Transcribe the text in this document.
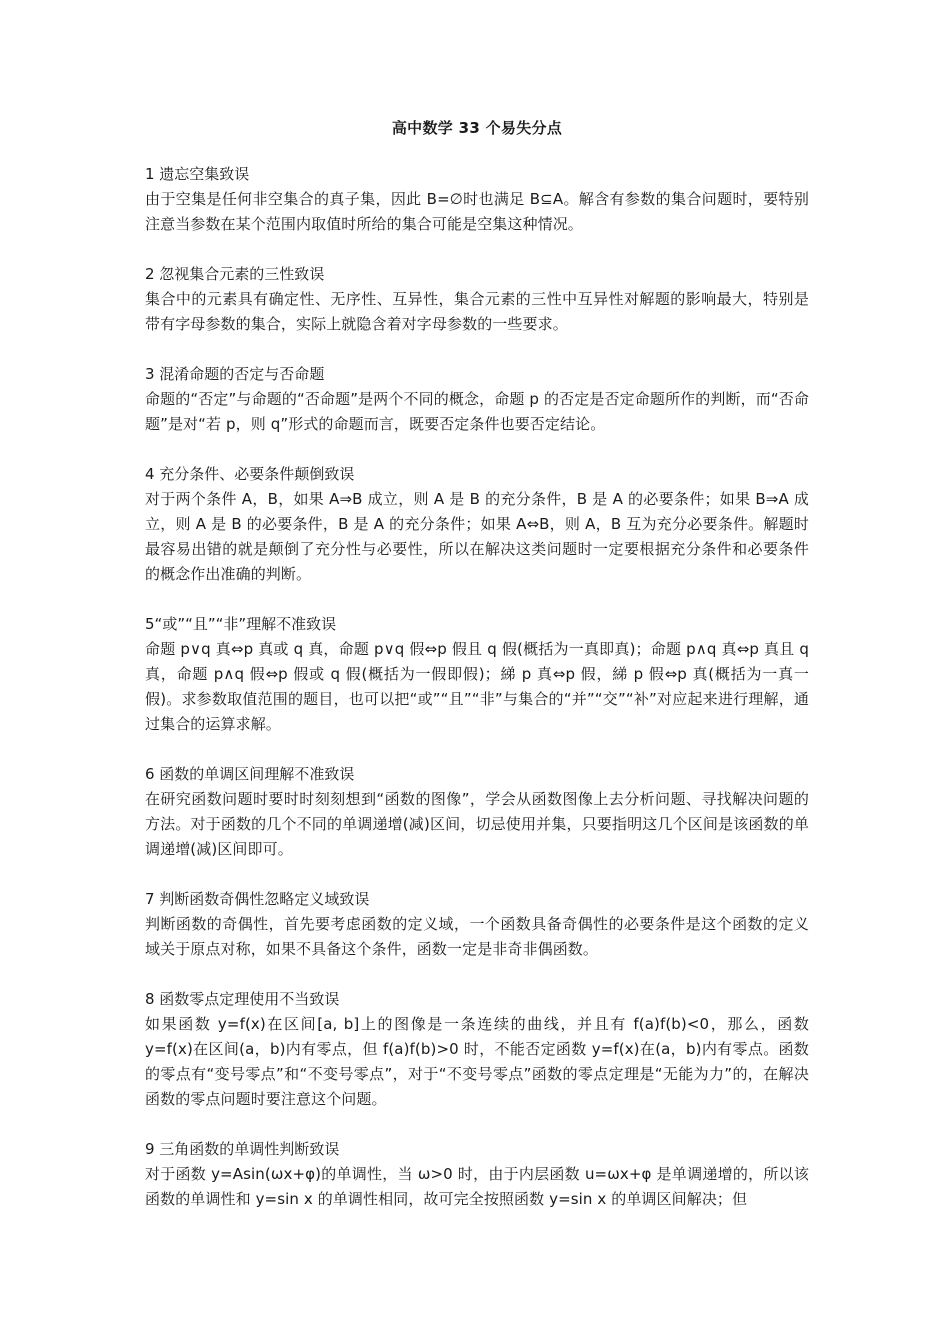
高中数学 33 个易失分点

1 遗忘空集致误

由于空集是任何非空集合的真子集，因此 B=∅时也满足 B⊆A。解含有参数的集合问题时，要特别注意当参数在某个范围内取值时所给的集合可能是空集这种情况。

2 忽视集合元素的三性致误

集合中的元素具有确定性、无序性、互异性，集合元素的三性中互异性对解题的影响最大，特别是带有字母参数的集合，实际上就隐含着对字母参数的一些要求。

3 混淆命题的否定与否命题

命题的“否定”与命题的“否命题”是两个不同的概念，命题 p 的否定是否定命题所作的判断，而“否命题”是对“若 p，则 q”形式的命题而言，既要否定条件也要否定结论。

4 充分条件、必要条件颠倒致误

对于两个条件 A，B，如果 A⇒B 成立，则 A 是 B 的充分条件，B 是 A 的必要条件；如果 B⇒A 成立，则 A 是 B 的必要条件，B 是 A 的充分条件；如果 A⇔B，则 A，B 互为充分必要条件。解题时最容易出错的就是颠倒了充分性与必要性，所以在解决这类问题时一定要根据充分条件和必要条件的概念作出准确的判断。

5“或”“且”“非”理解不准致误

命题 p∨q 真⇔p 真或 q 真，命题 p∨q 假⇔p 假且 q 假(概括为一真即真)；命题 p∧q 真⇔p 真且 q 真，命题 p∧q 假⇔p 假或 q 假(概括为一假即假)；綈 p 真⇔p 假，綈 p 假⇔p 真(概括为一真一假)。求参数取值范围的题目，也可以把“或”“且”“非”与集合的“并”“交”“补”对应起来进行理解，通过集合的运算求解。

6 函数的单调区间理解不准致误

在研究函数问题时要时时刻刻想到“函数的图像”，学会从函数图像上去分析问题、寻找解决问题的方法。对于函数的几个不同的单调递增(减)区间，切忌使用并集，只要指明这几个区间是该函数的单调递增(减)区间即可。

7 判断函数奇偶性忽略定义域致误

判断函数的奇偶性，首先要考虑函数的定义域，一个函数具备奇偶性的必要条件是这个函数的定义域关于原点对称，如果不具备这个条件，函数一定是非奇非偶函数。

8 函数零点定理使用不当致误

如果函数 y=f(x)在区间[a, b]上的图像是一条连续的曲线，并且有 f(a)f(b)<0，那么，函数 y=f(x)在区间(a，b)内有零点，但 f(a)f(b)>0 时，不能否定函数 y=f(x)在(a，b)内有零点。函数的零点有“变号零点”和“不变号零点”，对于“不变号零点”函数的零点定理是“无能为力”的，在解决函数的零点问题时要注意这个问题。

9 三角函数的单调性判断致误

对于函数 y=Asin(ωx+φ)的单调性，当 ω>0 时，由于内层函数 u=ωx+φ 是单调递增的，所以该函数的单调性和 y=sin x 的单调性相同，故可完全按照函数 y=sin x 的单调区间解决；但
